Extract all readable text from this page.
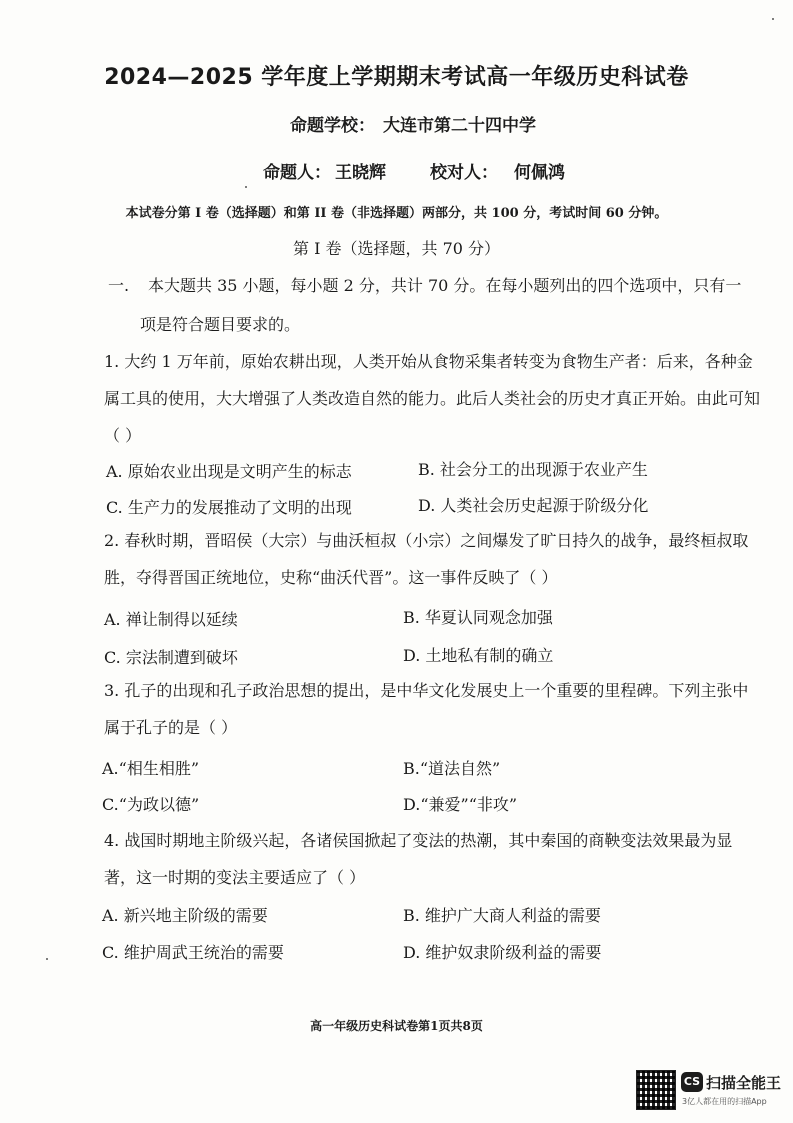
2024—2025 学年度上学期期末考试高一年级历史科试卷
命题学校： 大连市第二十四中学
命题人： 王晓辉	校对人： 何佩鸿
本试卷分第 I 卷（选择题）和第 II 卷（非选择题）两部分，共 100 分，考试时间 60 分钟。
第 I 卷（选择题，共 70 分）
一. 本大题共 35 小题，每小题 2 分，共计 70 分。在每小题列出的四个选项中，只有一
项是符合题目要求的。
1. 大约 1 万年前，原始农耕出现，人类开始从食物采集者转变为食物生产者：后来，各种金属工具的使用，大大增强了人类改造自然的能力。此后人类社会的历史才真正开始。由此可知（ ）
A. 原始农业出现是文明产生的标志	B. 社会分工的出现源于农业产生
C. 生产力的发展推动了文明的出现	D. 人类社会历史起源于阶级分化
2. 春秋时期，晋昭侯（大宗）与曲沃桓叔（小宗）之间爆发了旷日持久的战争，最终桓叔取胜，夺得晋国正统地位，史称“曲沃代晋”。这一事件反映了（ ）
A. 禅让制得以延续	B. 华夏认同观念加强
C. 宗法制遭到破坏	D. 土地私有制的确立
3. 孔子的出现和孔子政治思想的提出，是中华文化发展史上一个重要的里程碑。下列主张中属于孔子的是（ ）
A.“相生相胜”	B.“道法自然”
C.“为政以德”	D.“兼爱”“非攻”
4. 战国时期地主阶级兴起，各诸侯国掀起了变法的热潮，其中秦国的商鞅变法效果最为显著，这一时期的变法主要适应了（ ）
A. 新兴地主阶级的需要	B. 维护广大商人利益的需要
C. 维护周武王统治的需要	D. 维护奴隶阶级利益的需要
高一年级历史科试卷第1页共8页
CS 扫描全能王
3亿人都在用的扫描App
